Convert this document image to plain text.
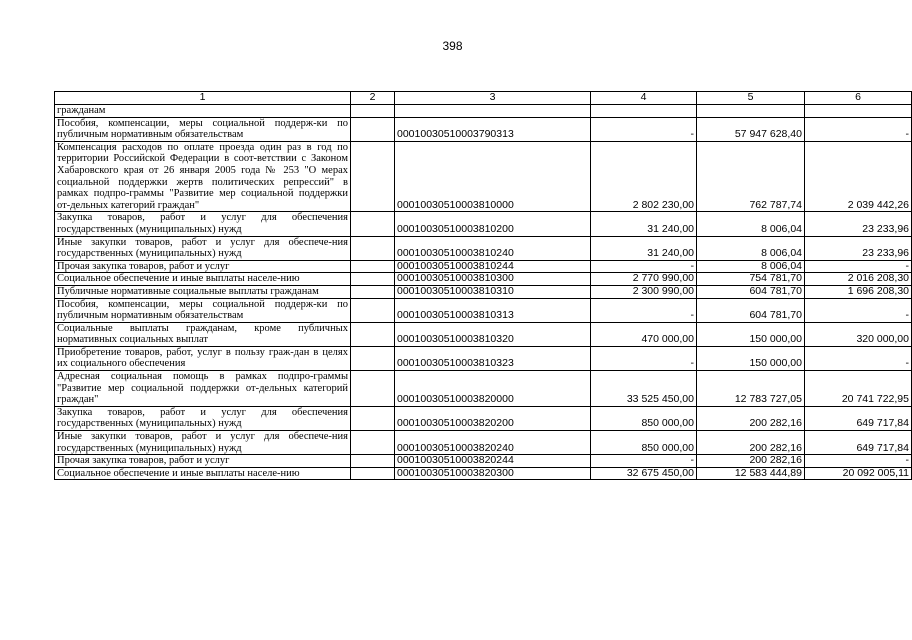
398
1	2	3	4	5	6
гражданам					
Пособия, компенсации, меры социальной поддерж-ки по публичным нормативным обязательствам		00010030510003790313	-	57 947 628,40	-
Компенсация расходов по оплате проезда один раз в год по территории Российской Федерации в соот-ветствии с Законом Хабаровского края от 26 января 2005 года № 253 "О мерах социальной поддержки жертв политических репрессий" в рамках подпро-граммы "Развитие мер социальной поддержки от-дельных категорий граждан"		00010030510003810000	2 802 230,00	762 787,74	2 039 442,26
Закупка товаров, работ и услуг для обеспечения государственных (муниципальных) нужд		00010030510003810200	31 240,00	8 006,04	23 233,96
Иные закупки товаров, работ и услуг для обеспече-ния государственных (муниципальных) нужд		00010030510003810240	31 240,00	8 006,04	23 233,96
Прочая закупка товаров, работ и услуг		00010030510003810244	-	8 006,04	-
Социальное обеспечение и иные выплаты населе-нию		00010030510003810300	2 770 990,00	754 781,70	2 016 208,30
Публичные нормативные социальные выплаты гражданам		00010030510003810310	2 300 990,00	604 781,70	1 696 208,30
Пособия, компенсации, меры социальной поддерж-ки по публичным нормативным обязательствам		00010030510003810313	-	604 781,70	-
Социальные выплаты гражданам, кроме публичных нормативных социальных выплат		00010030510003810320	470 000,00	150 000,00	320 000,00
Приобретение товаров, работ, услуг в пользу граж-дан в целях их социального обеспечения		00010030510003810323	-	150 000,00	-
Адресная социальная помощь в рамках подпро-граммы "Развитие мер социальной поддержки от-дельных категорий граждан"		00010030510003820000	33 525 450,00	12 783 727,05	20 741 722,95
Закупка товаров, работ и услуг для обеспечения государственных (муниципальных) нужд		00010030510003820200	850 000,00	200 282,16	649 717,84
Иные закупки товаров, работ и услуг для обеспече-ния государственных (муниципальных) нужд		00010030510003820240	850 000,00	200 282,16	649 717,84
Прочая закупка товаров, работ и услуг		00010030510003820244	-	200 282,16	-
Социальное обеспечение и иные выплаты населе-нию		00010030510003820300	32 675 450,00	12 583 444,89	20 092 005,11
